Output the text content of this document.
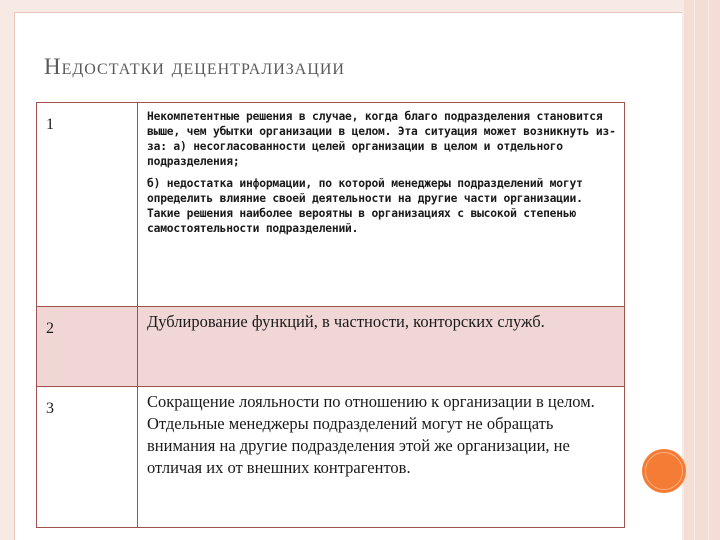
Недостатки децентрализации
1	Некомпетентные решения в случае, когда благо подразделения становится выше, чем убытки организации в целом. Эта ситуация может возникнуть из-за: а) несогласованности целей организации в целом и отдельного подразделения;

б) недостатка информации, по которой менеджеры подразделений могут определить влияние своей деятельности на другие части организации. Такие решения наиболее вероятны в организациях с высокой степенью самостоятельности подразделений.

2	Дублирование функций, в частности, конторских служб.
3	Сокращение лояльности по отношению к организации в целом. Отдельные менеджеры подразделений могут не обращать внимания на другие подразделения этой же организации, не отличая их от внешних контрагентов.
